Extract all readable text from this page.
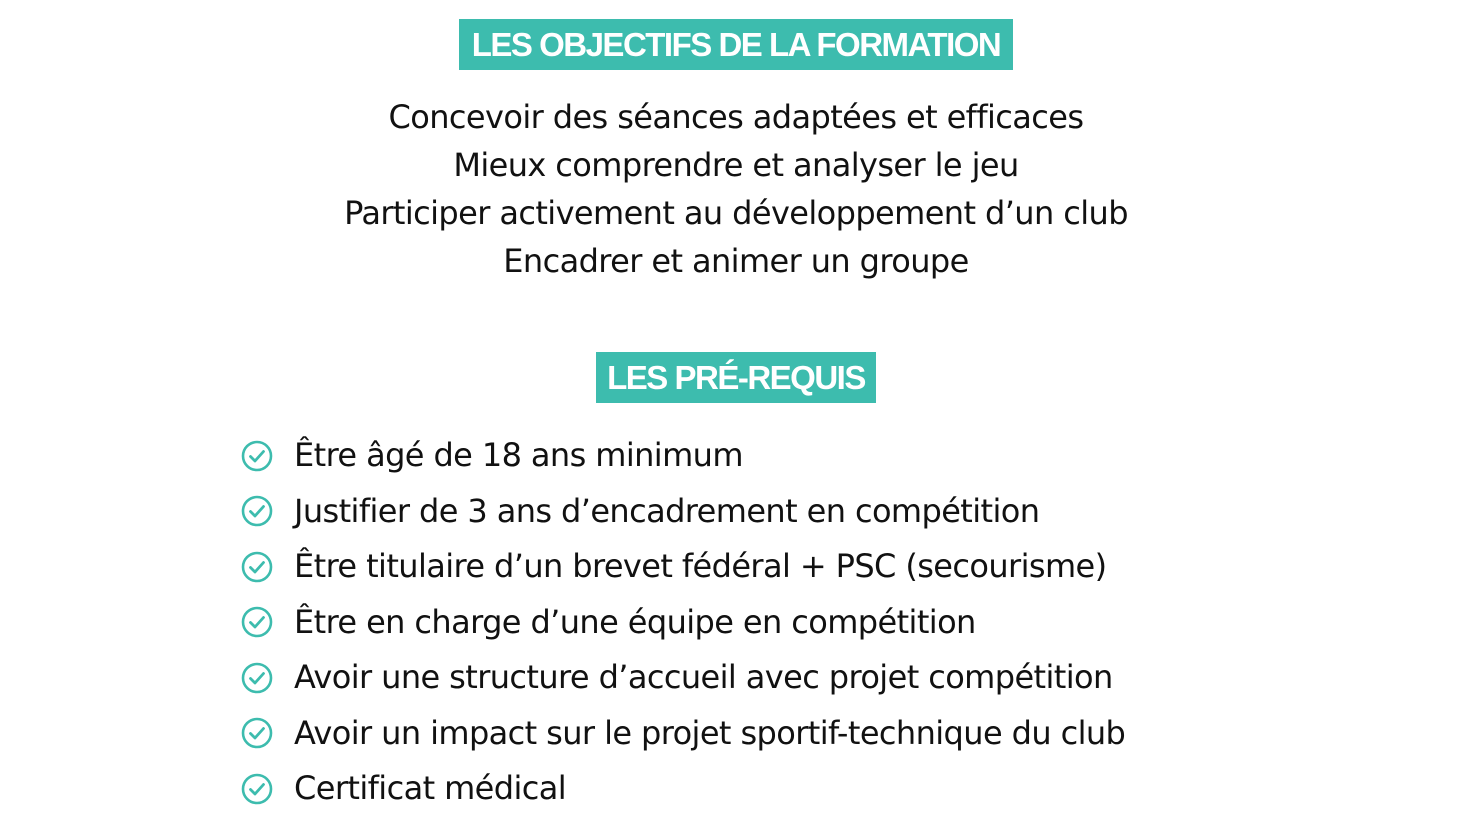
LES OBJECTIFS DE LA FORMATION
Concevoir des séances adaptées et efficaces
Mieux comprendre et analyser le jeu
Participer activement au développement d’un club
Encadrer et animer un groupe
LES PRÉ-REQUIS
Être âgé de 18 ans minimum
Justifier de 3 ans d’encadrement en compétition
Être titulaire d’un brevet fédéral + PSC (secourisme)
Être en charge d’une équipe en compétition
Avoir une structure d’accueil avec projet compétition
Avoir un impact sur le projet sportif-technique du club
Certificat médical
